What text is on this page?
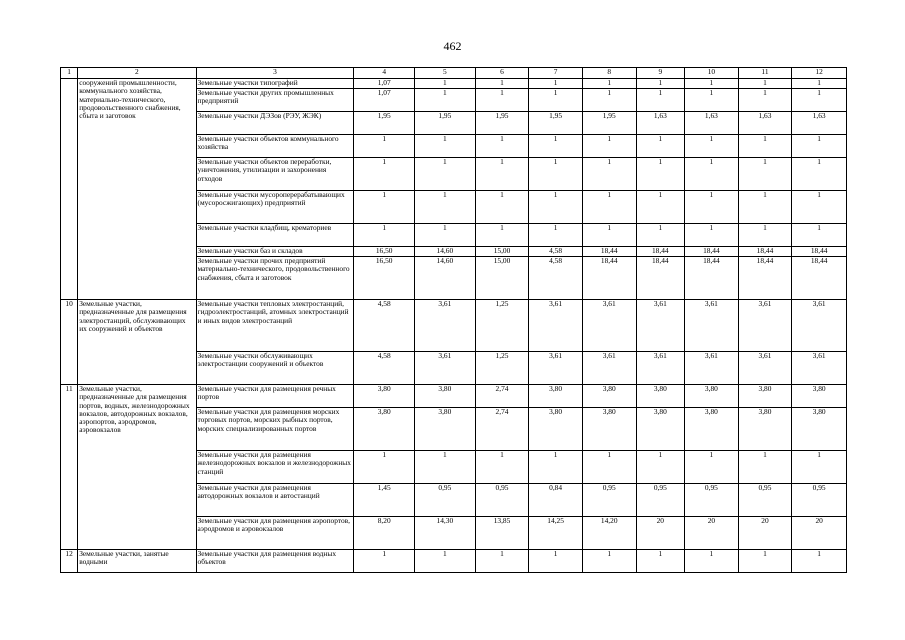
462
1	2	3	4	5	6	7	8	9	10	11	12
	сооружений промышленности, коммунального хозяйства, материально-технического, продовольственного снабжения, сбыта и заготовок	Земельные участки типографий	1,07	1	1	1	1	1	1	1	1
		Земельные участки других промышленных предприятий	1,07	1	1	1	1	1	1	1	1
		Земельные участки ДЭЗов (РЭУ, ЖЭК)	1,95	1,95	1,95	1,95	1,95	1,63	1,63	1,63	1,63
		Земельные участки объектов коммунального хозяйства	1	1	1	1	1	1	1	1	1
		Земельные участки объектов переработки, уничтожения, утилизации и захоронения отходов	1	1	1	1	1	1	1	1	1
		Земельные участки мусороперерабатывающих (мусоросжигающих) предприятий	1	1	1	1	1	1	1	1	1
		Земельные участки кладбищ, крематориев	1	1	1	1	1	1	1	1	1
		Земельные участки баз и складов	16,50	14,60	15,00	4,58	18,44	18,44	18,44	18,44	18,44
		Земельные участки прочих предприятий материально-технического, продовольственного снабжения, сбыта и заготовок	16,50	14,60	15,00	4,58	18,44	18,44	18,44	18,44	18,44
10	Земельные участки, предназначенные для размещения электростанций, обслуживающих их сооружений и объектов	Земельные участки тепловых электростанций, гидроэлектростанций, атомных электростанций и иных видов электростанций	4,58	3,61	1,25	3,61	3,61	3,61	3,61	3,61	3,61
		Земельные участки обслуживающих электростанции сооружений и объектов	4,58	3,61	1,25	3,61	3,61	3,61	3,61	3,61	3,61
11	Земельные участки, предназначенные для размещения портов, водных, железнодорожных вокзалов, автодорожных вокзалов, аэропортов, аэродромов, аэровокзалов	Земельные участки для размещения речных портов	3,80	3,80	2,74	3,80	3,80	3,80	3,80	3,80	3,80
		Земельные участки для размещения морских торговых портов, морских рыбных портов, морских специализированных портов	3,80	3,80	2,74	3,80	3,80	3,80	3,80	3,80	3,80
		Земельные участки для размещения железнодорожных вокзалов и железнодорожных станций	1	1	1	1	1	1	1	1	1
		Земельные участки для размещения автодорожных вокзалов и автостанций	1,45	0,95	0,95	0,84	0,95	0,95	0,95	0,95	0,95
		Земельные участки для размещения аэропортов, аэродромов и аэровокзалов	8,20	14,30	13,85	14,25	14,20	20	20	20	20
12	Земельные участки, занятые водными	Земельные участки для размещения водных объектов	1	1	1	1	1	1	1	1	1
